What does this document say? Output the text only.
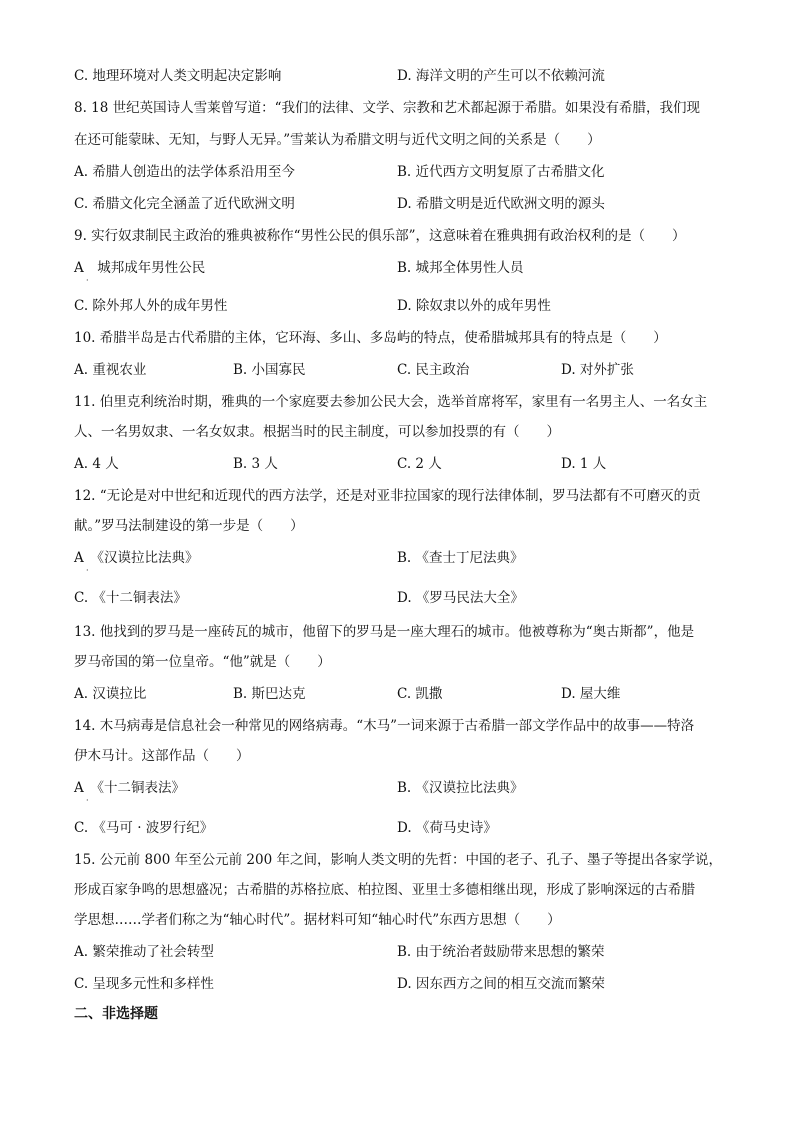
C. 地理环境对人类文明起决定影响	D. 海洋文明的产生可以不依赖河流
8. 18 世纪英国诗人雪莱曾写道：“我们的法律、文学、宗教和艺术都起源于希腊。如果没有希腊，我们现
在还可能蒙昧、无知，与野人无异。”雪莱认为希腊文明与近代文明之间的关系是（　　）
A. 希腊人创造出的法学体系沿用至今	B. 近代西方文明复原了古希腊文化
C. 希腊文化完全涵盖了近代欧洲文明	D. 希腊文明是近代欧洲文明的源头
9. 实行奴隶制民主政治的雅典被称作“男性公民的俱乐部”，这意味着在雅典拥有政治权利的是（　　）
A　城邦成年男性公民
·
B. 城邦全体男性人员
C. 除外邦人外的成年男性	D. 除奴隶以外的成年男性
10. 希腊半岛是古代希腊的主体，它环海、多山、多岛屿的特点，使希腊城邦具有的特点是（　　）
A. 重视农业	B. 小国寡民	C. 民主政治	D. 对外扩张
11. 伯里克利统治时期，雅典的一个家庭要去参加公民大会，选举首席将军，家里有一名男主人、一名女主
人、一名男奴隶、一名女奴隶。根据当时的民主制度，可以参加投票的有（　　）
A. 4 人	B. 3 人	C. 2 人	D. 1 人
12. “无论是对中世纪和近现代的西方法学，还是对亚非拉国家的现行法律体制，罗马法都有不可磨灭的贡
献。”罗马法制建设的第一步是（　　）
A　《汉谟拉比法典》
·
B. 《查士丁尼法典》
C. 《十二铜表法》	D. 《罗马民法大全》
13. 他找到的罗马是一座砖瓦的城市，他留下的罗马是一座大理石的城市。他被尊称为“奥古斯都”，他是
罗马帝国的第一位皇帝。“他”就是（　　）
A. 汉谟拉比	B. 斯巴达克	C. 凯撒	D. 屋大维
14. 木马病毒是信息社会一种常见的网络病毒。“木马”一词来源于古希腊一部文学作品中的故事——特洛
伊木马计。这部作品（　　）
A　《十二铜表法》
·
B. 《汉谟拉比法典》
C. 《马可 · 波罗行纪》	D. 《荷马史诗》
15. 公元前 800 年至公元前 200 年之间，影响人类文明的先哲：中国的老子、孔子、墨子等提出各家学说，
形成百家争鸣的思想盛况；古希腊的苏格拉底、柏拉图、亚里士多德相继出现，形成了影响深远的古希腊
学思想……学者们称之为“轴心时代”。据材料可知“轴心时代”东西方思想（　　）
A. 繁荣推动了社会转型	B. 由于统治者鼓励带来思想的繁荣
C. 呈现多元性和多样性	D. 因东西方之间的相互交流而繁荣
二、非选择题
